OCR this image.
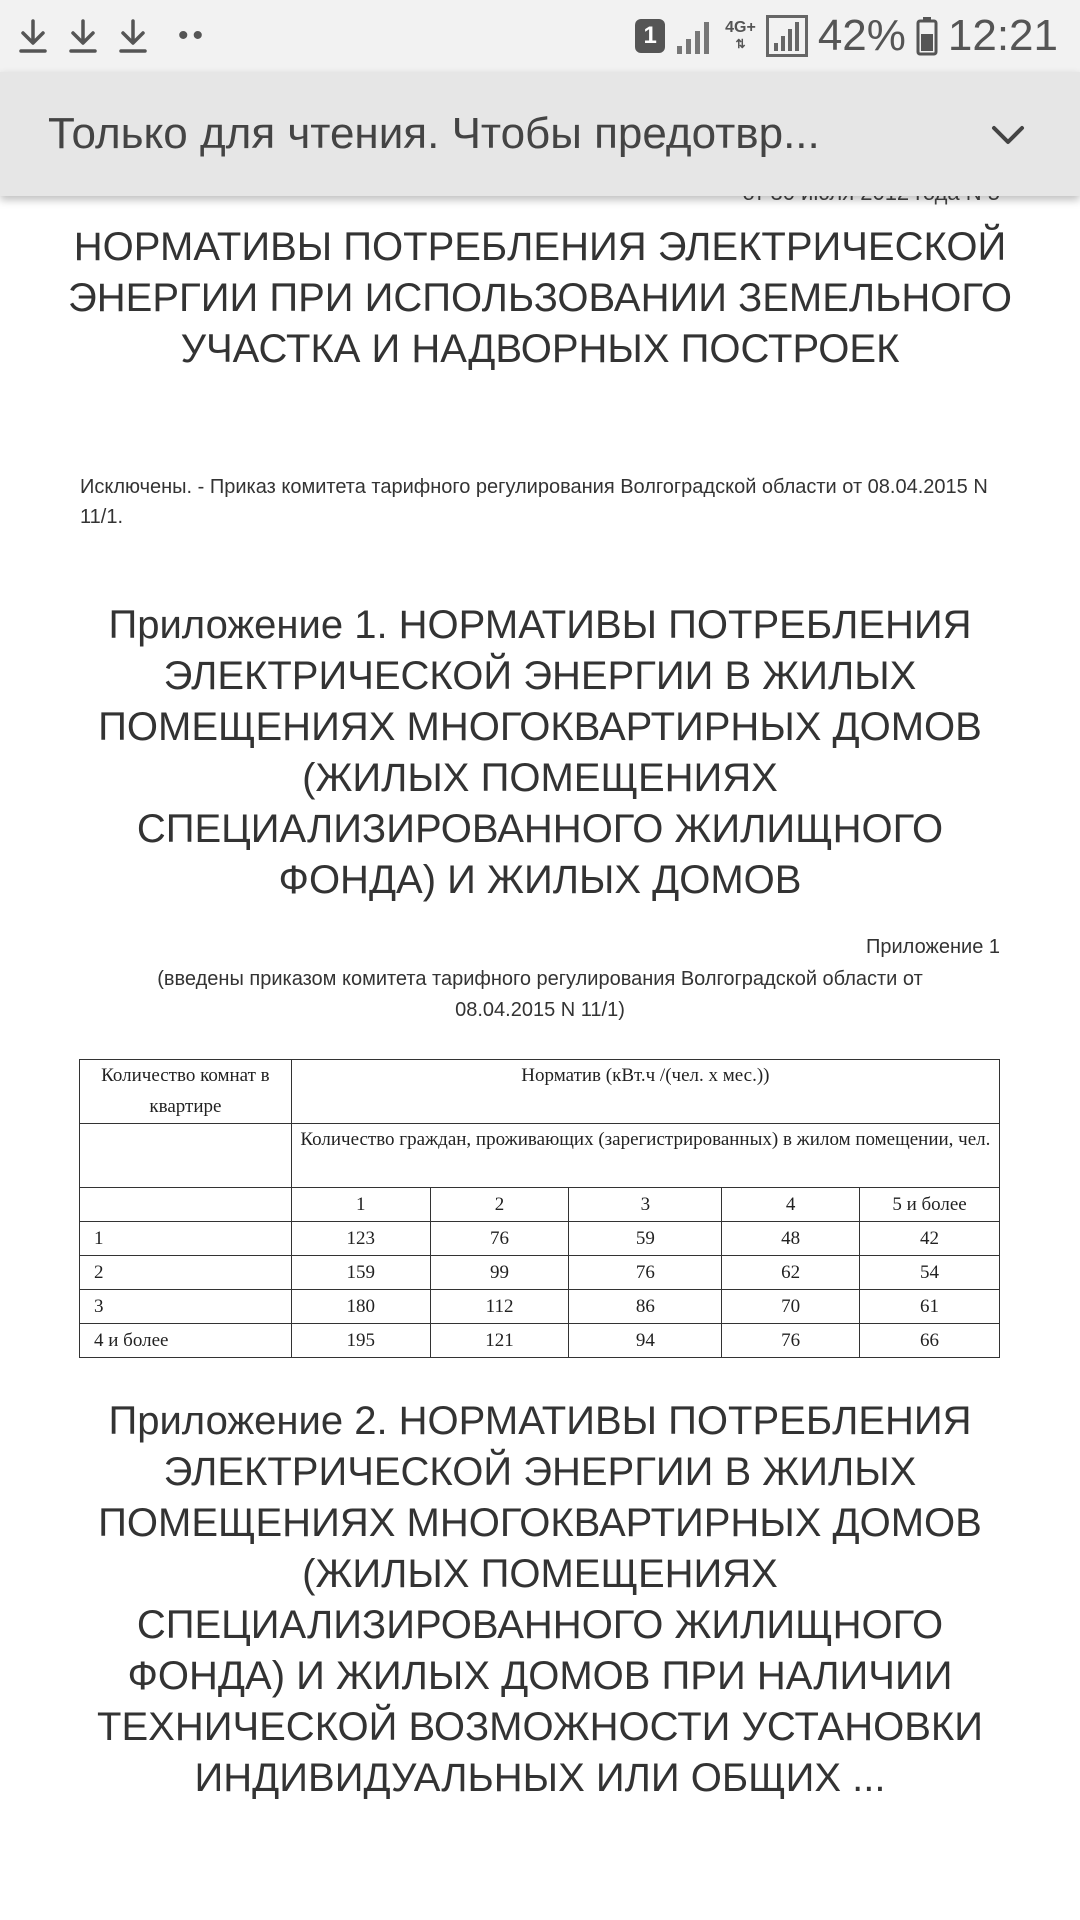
••	1	4G+
⇅ 42% 12:21
Только для чтения. Чтобы предотвр...
НОРМАТИВЫ ПОТРЕБЛЕНИЯ ЭЛЕКТРИЧЕСКОЙ ЭНЕРГИИ ПРИ ИСПОЛЬЗОВАНИИ ЗЕМЕЛЬНОГО УЧАСТКА И НАДВОРНЫХ ПОСТРОЕК
Исключены. - Приказ комитета тарифного регулирования Волгоградской области от 08.04.2015 N 11/1.
Приложение 1. НОРМАТИВЫ ПОТРЕБЛЕНИЯ ЭЛЕКТРИЧЕСКОЙ ЭНЕРГИИ В ЖИЛЫХ ПОМЕЩЕНИЯХ МНОГОКВАРТИРНЫХ ДОМОВ (ЖИЛЫХ ПОМЕЩЕНИЯХ СПЕЦИАЛИЗИРОВАННОГО ЖИЛИЩНОГО ФОНДА) И ЖИЛЫХ ДОМОВ
Приложение 1
(введены приказом комитета тарифного регулирования Волгоградской области от 08.04.2015 N 11/1)
Количество комнат в квартире	Норматив (кВт.ч /(чел. х мес.))				
	Количество граждан, проживающих (зарегистрированных) в жилом помещении, чел.				
	1	2	3	4	5 и более
1	123	76	59	48	42
2	159	99	76	62	54
3	180	112	86	70	61
4 и более	195	121	94	76	66
Приложение 2. НОРМАТИВЫ ПОТРЕБЛЕНИЯ ЭЛЕКТРИЧЕСКОЙ ЭНЕРГИИ В ЖИЛЫХ ПОМЕЩЕНИЯХ МНОГОКВАРТИРНЫХ ДОМОВ (ЖИЛЫХ ПОМЕЩЕНИЯХ СПЕЦИАЛИЗИРОВАННОГО ЖИЛИЩНОГО ФОНДА) И ЖИЛЫХ ДОМОВ ПРИ НАЛИЧИИ ТЕХНИЧЕСКОЙ ВОЗМОЖНОСТИ УСТАНОВКИ ИНДИВИДУАЛЬНЫХ ИЛИ ОБЩИХ ...
